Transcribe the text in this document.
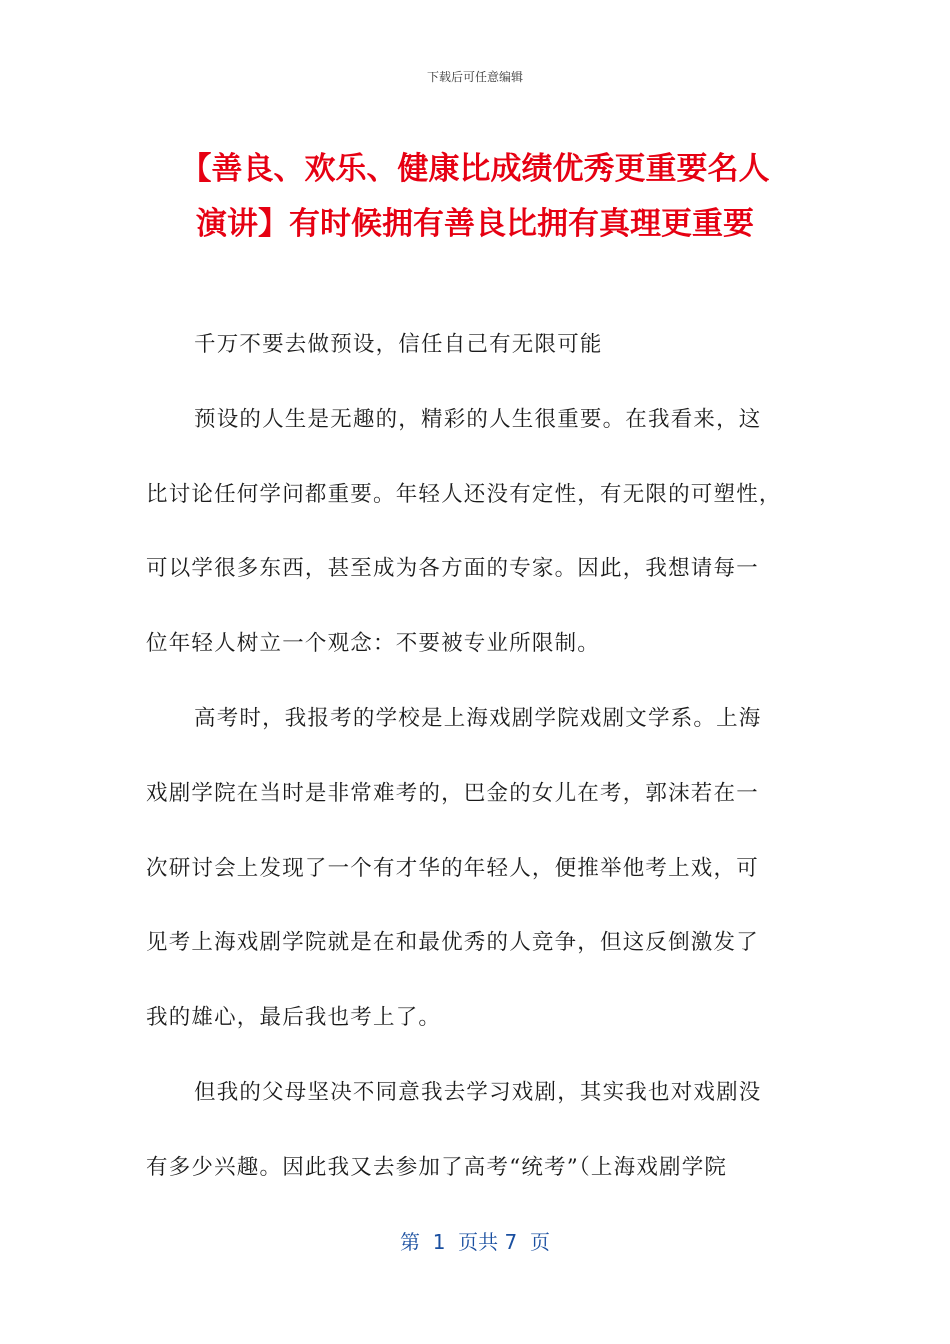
下载后可任意编辑
【善良、欢乐、健康比成绩优秀更重要名人
演讲】有时候拥有善良比拥有真理更重要
千万不要去做预设，信任自己有无限可能
预设的人生是无趣的，精彩的人生很重要。在我看来，这
比讨论任何学问都重要。年轻人还没有定性，有无限的可塑性，
可以学很多东西，甚至成为各方面的专家。因此，我想请每一
位年轻人树立一个观念：不要被专业所限制。
高考时，我报考的学校是上海戏剧学院戏剧文学系。上海
戏剧学院在当时是非常难考的，巴金的女儿在考，郭沫若在一
次研讨会上发现了一个有才华的年轻人，便推举他考上戏，可
见考上海戏剧学院就是在和最优秀的人竞争，但这反倒激发了
我的雄心，最后我也考上了。
但我的父母坚决不同意我去学习戏剧，其实我也对戏剧没
有多少兴趣。因此我又去参加了高考“统考”（上海戏剧学院
第  1  页共 7  页
